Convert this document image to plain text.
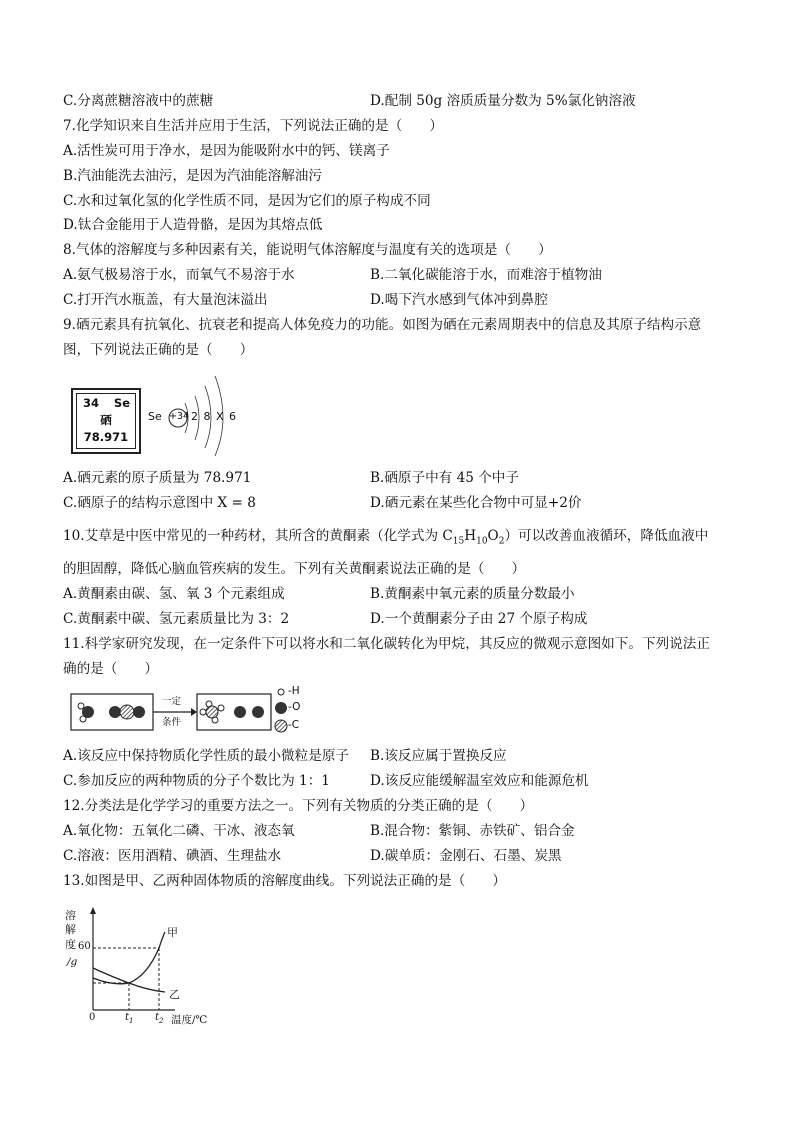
C.分离蔗糖溶液中的蔗糖	D.配制 50g 溶质质量分数为 5%氯化钠溶液
7.化学知识来自生活并应用于生活，下列说法正确的是（　　）
A.活性炭可用于净水，是因为能吸附水中的钙、镁离子
B.汽油能洗去油污，是因为汽油能溶解油污
C.水和过氧化氢的化学性质不同，是因为它们的原子构成不同
D.钛合金能用于人造骨骼，是因为其熔点低
8.气体的溶解度与多种因素有关，能说明气体溶解度与温度有关的选项是（　　）
A.氨气极易溶于水，而氧气不易溶于水	B.二氧化碳能溶于水，而难溶于植物油
C.打开汽水瓶盖，有大量泡沫溢出	D.喝下汽水感到气体冲到鼻腔
9.硒元素具有抗氧化、抗衰老和提高人体免疫力的功能。如图为硒在元素周期表中的信息及其原子结构示意
图，下列说法正确的是（　　）
34 Se
硒
78.971
Se +34 2 8 X 6
A.硒元素的原子质量为 78.971	B.硒原子中有 45 个中子
C.硒原子的结构示意图中 X = 8	D.硒元素在某些化合物中可显+2价
10.艾草是中医中常见的一种药材，其所含的黄酮素（化学式为 $C_{15}H_{10}O_2$）可以改善血液循环，降低血液中
的胆固醇，降低心脑血管疾病的发生。下列有关黄酮素说法正确的是（　　）
A.黄酮素由碳、氢、氧 3 个元素组成	B.黄酮素中氧元素的质量分数最小
C.黄酮素中碳、氢元素质量比为 3：2	D.一个黄酮素分子由 27 个原子构成
11.科学家研究发现，在一定条件下可以将水和二氧化碳转化为甲烷，其反应的微观示意图如下。下列说法正
确的是（　　）
一定
条件
-H
-O
-C
A.该反应中保持物质化学性质的最小微粒是原子 B.该反应属于置换反应
C.参加反应的两种物质的分子个数比为 1：1	D.该反应能缓解温室效应和能源危机
12.分类法是化学学习的重要方法之一。下列有关物质的分类正确的是（　　）
A.氧化物：五氧化二磷、干冰、液态氧	B.混合物：紫铜、赤铁矿、铝合金
C.溶液：医用酒精、碘酒、生理盐水	D.碳单质：金刚石、石墨、炭黑
13.如图是甲、乙两种固体物质的溶解度曲线。下列说法正确的是（　　）
溶
解
度
/g
60
0	$t_1$ $t_2$ 温度/℃
甲
乙
